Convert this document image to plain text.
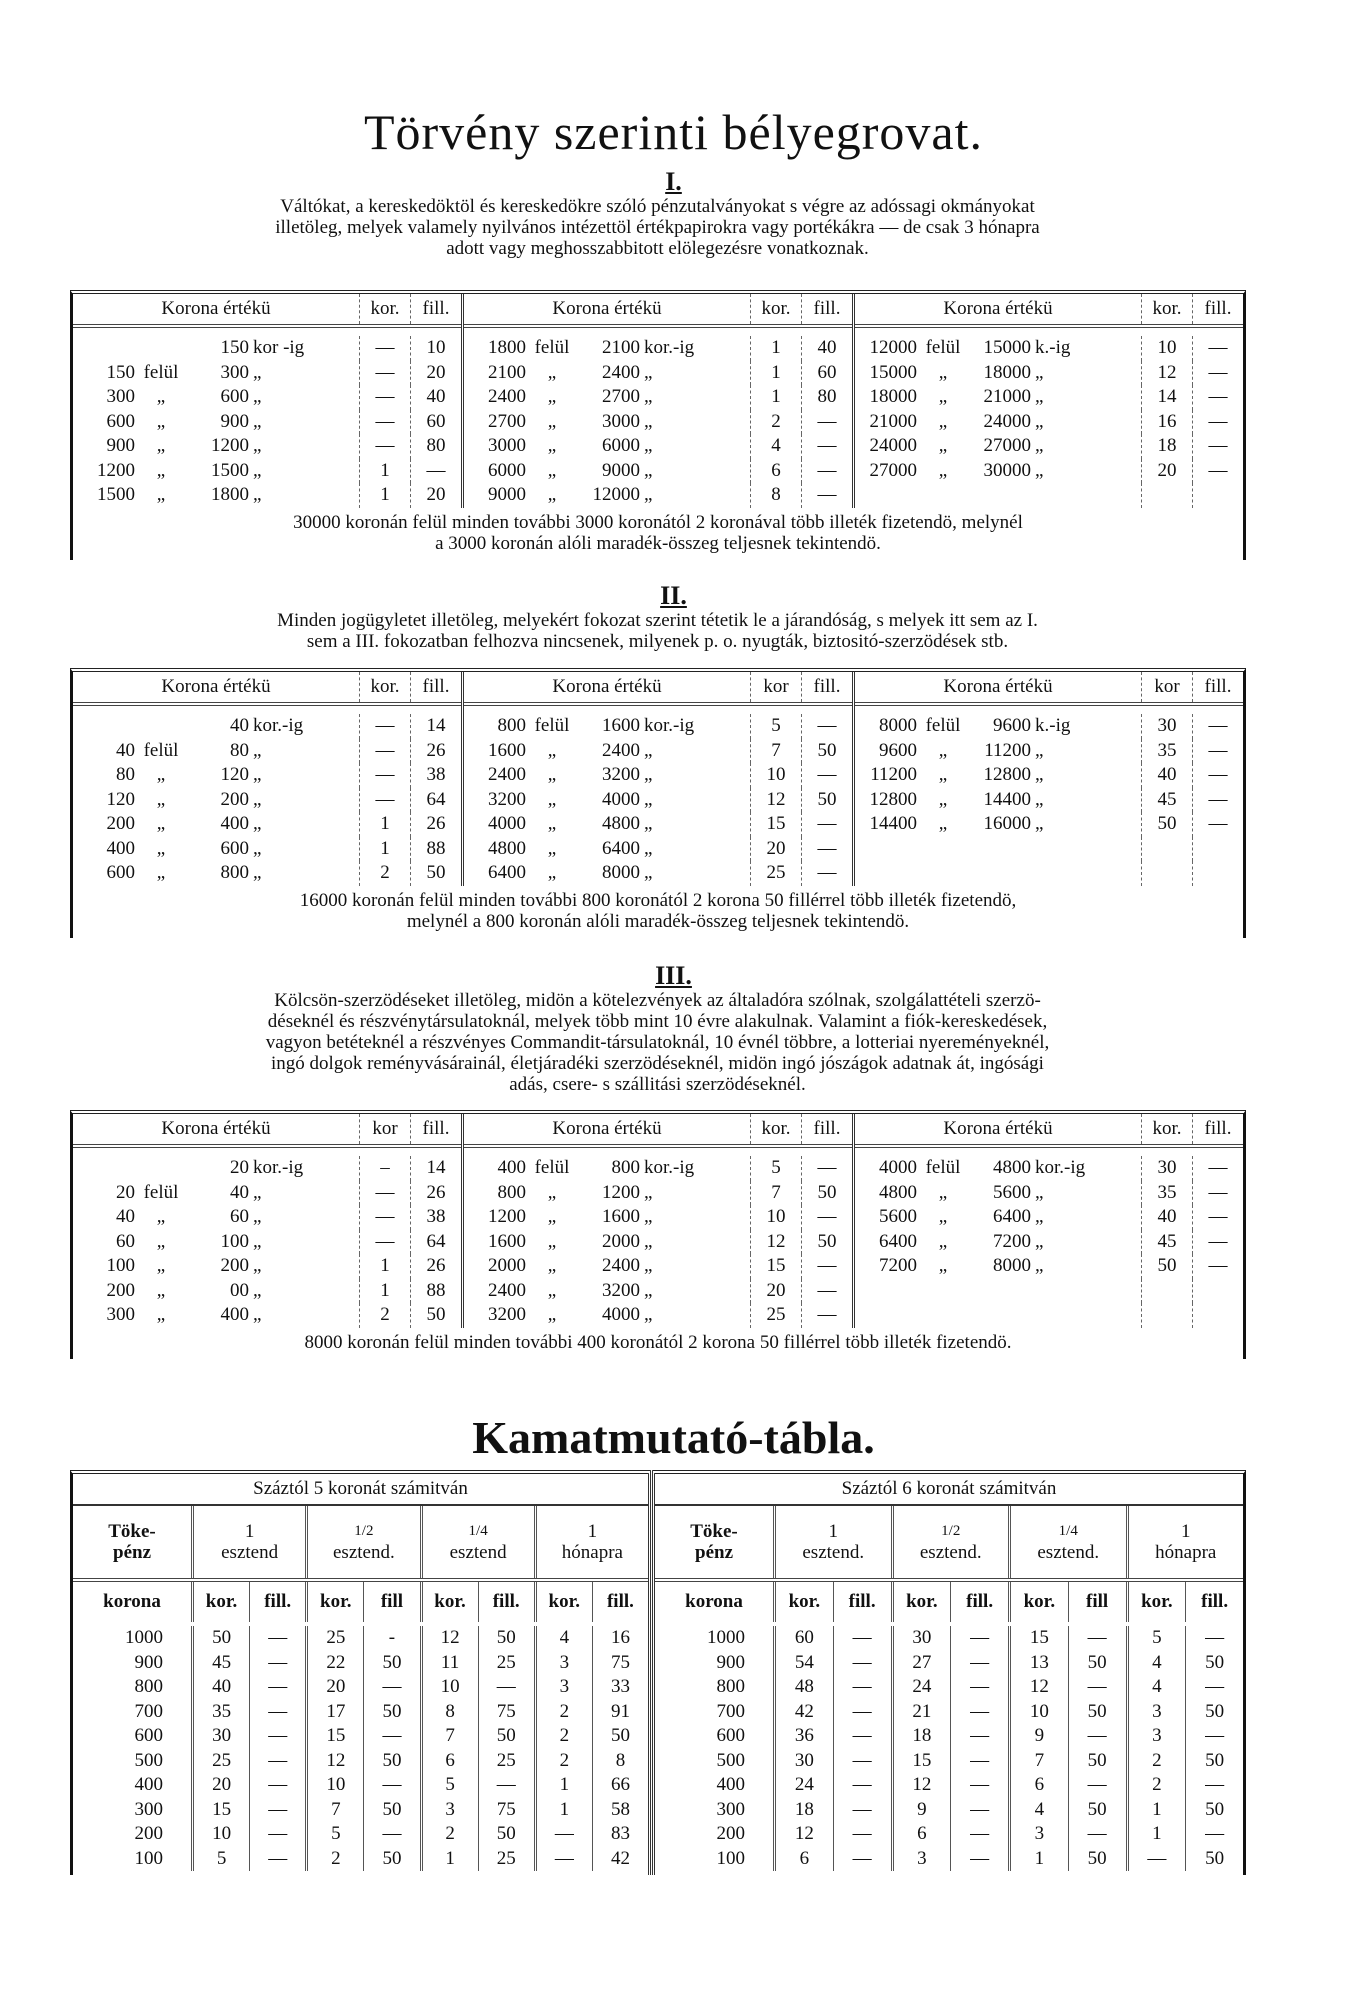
Törvény szerinti bélyegrovat.
I.
Váltókat, a kereskedöktöl és kereskedökre szóló pénzutalványokat s végre az adóssagi okmányokat
illetöleg, melyek valamely nyilvános intézettöl értékpapirokra vagy portékákra — de csak 3 hónapra
adott vagy meghosszabbitott elölegezésre vonatkoznak.
Korona értékü	kor.	fill.
150 kor -ig	—	10
150 felül	300 „	—	20
300	„	600 „	—	40
600	„	900 „	—	60
900	„	1200 „	—	80
1200	„	1500 „	1	—
1500	„	1800 „	1	20
Korona értékü	kor.	fill.
1800 felül	2100 kor.-ig	1	40
2100	„	2400 „	1	60
2400	„	2700 „	1	80
2700	„	3000 „	2	—
3000	„	6000 „	4	—
6000	„	9000 „	6	—
9000	„	12000 „	8	—
Korona értékü	kor.	fill.
12000 felül	15000 k.-ig	10	—
15000	„	18000 „	12	—
18000	„	21000 „	14	—
21000	„	24000 „	16	—
24000	„	27000 „	18	—
27000	„	30000 „	20	—
30000 koronán felül minden további 3000 koronától 2 koronával több illeték fizetendö, melynél
a 3000 koronán alóli maradék-összeg teljesnek tekintendö.
II.
Minden jogügyletet illetöleg, melyekért fokozat szerint tétetik le a járandóság, s melyek itt sem az I.
sem a III. fokozatban felhozva nincsenek, milyenek p. o. nyugták, biztositó-szerzödések stb.
Korona értékü	kor.	fill.
40 kor.-ig	—	14
40 felül	80 „	—	26
80	„	120 „	—	38
120	„	200 „	—	64
200	„	400 „	1	26
400	„	600 „	1	88
600	„	800 „	2	50
Korona értékü	kor	fill.
800 felül	1600 kor.-ig	5	—
1600	„	2400 „	7	50
2400	„	3200 „	10	—
3200	„	4000 „	12	50
4000	„	4800 „	15	—
4800	„	6400 „	20	—
6400	„	8000 „	25	—
Korona értékü	kor	fill.
8000 felül	9600 k.-ig	30	—
9600	„	11200 „	35	—
11200	„	12800 „	40	—
12800	„	14400 „	45	—
14400	„	16000 „	50	—
16000 koronán felül minden további 800 koronától 2 korona 50 fillérrel több illeték fizetendö,
melynél a 800 koronán alóli maradék-összeg teljesnek tekintendö.
III.
Kölcsön-szerzödéseket illetöleg, midön a kötelezvények az általadóra szólnak, szolgálattételi szerzö-
déseknél és részvénytársulatoknál, melyek több mint 10 évre alakulnak. Valamint a fiók-kereskedések,
vagyon betéteknél a részvényes Commandit-társulatoknál, 10 évnél többre, a lotteriai nyereményeknél,
ingó dolgok reményvásárainál, életjáradéki szerzödéseknél, midön ingó jószágok adatnak át, ingósági
adás, csere- s szállitási szerzödéseknél.
Korona értékü	kor	fill.
20 kor.-ig	–	14
20 felül	40 „	—	26
40	„	60 „	—	38
60	„	100 „	—	64
100	„	200 „	1	26
200	„	00 „	1	88
300	„	400 „	2	50
Korona értékü	kor.	fill.
400 felül	800 kor.-ig	5	—
800	„	1200 „	7	50
1200	„	1600 „	10	—
1600	„	2000 „	12	50
2000	„	2400 „	15	—
2400	„	3200 „	20	—
3200	„	4000 „	25	—
Korona értékü	kor.	fill.
4000 felül	4800 kor.-ig	30	—
4800	„	5600 „	35	—
5600	„	6400 „	40	—
6400	„	7200 „	45	—
7200	„	8000 „	50	—
8000 koronán felül minden további 400 koronától 2 korona 50 fillérrel több illeték fizetendö.
Kamatmutató-tábla.
Száztól 5 koronát számitván
Töke-
pénz
1
esztend
1/2
esztend.
1/4
esztend
1
hónapra
korona	kor.	fill.	kor.	fill	kor.	fill.	kor.	fill.
1000	50	—	25	-	12	50	4	16
900	45	—	22	50	11	25	3	75
800	40	—	20	—	10	—	3	33
700	35	—	17	50	8	75	2	91
600	30	—	15	—	7	50	2	50
500	25	—	12	50	6	25	2	8
400	20	—	10	—	5	—	1	66
300	15	—	7	50	3	75	1	58
200	10	—	5	—	2	50	—	83
100	5	—	2	50	1	25	—	42
Száztól 6 koronát számitván
Töke-
pénz
1
esztend.
1/2
esztend.
1/4
esztend.
1
hónapra
korona	kor.	fill.	kor.	fill.	kor.	fill	kor.	fill.
1000	60	—	30	—	15	—	5	—
900	54	—	27	—	13	50	4	50
800	48	—	24	—	12	—	4	—
700	42	—	21	—	10	50	3	50
600	36	—	18	—	9	—	3	—
500	30	—	15	—	7	50	2	50
400	24	—	12	—	6	—	2	—
300	18	—	9	—	4	50	1	50
200	12	—	6	—	3	—	1	—
100	6	—	3	—	1	50	—	50
